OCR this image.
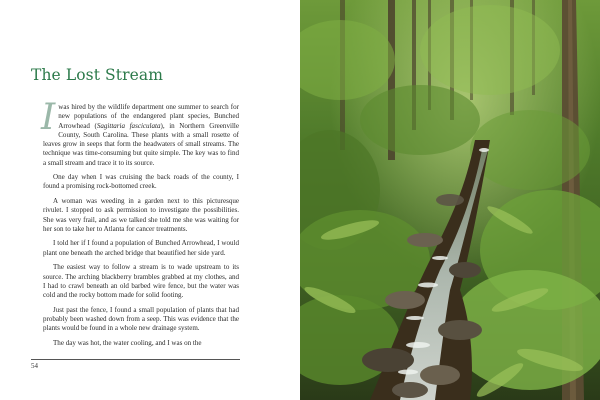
The Lost Stream

Iwas hired by the wildlife department one summer to search for new populations of the endangered plant species, Bunched Arrowhead (Sagittaria fasciculata), in Northern Greenville County, South Carolina. These plants with a small rosette of leaves grow in seeps that form the headwaters of small streams. The technique was time-consuming but quite simple. The key was to find a small stream and trace it to its source.

One day when I was cruising the back roads of the county, I found a promising rock-bottomed creek.

A woman was weeding in a garden next to this picturesque rivulet. I stopped to ask permission to investigate the possibilities. She was very frail, and as we talked she told me she was waiting for her son to take her to Atlanta for cancer treatments.

I told her if I found a population of Bunched Arrowhead, I would plant one beneath the arched bridge that beautified her side yard.

The easiest way to follow a stream is to wade upstream to its source. The arching blackberry brambles grabbed at my clothes, and I had to crawl beneath an old barbed wire fence, but the water was cold and the rocky bottom made for solid footing.

Just past the fence, I found a small population of plants that had probably been washed down from a seep. This was evidence that the plants would be found in a whole new drainage system.

The day was hot, the water cooling, and I was on the

54
